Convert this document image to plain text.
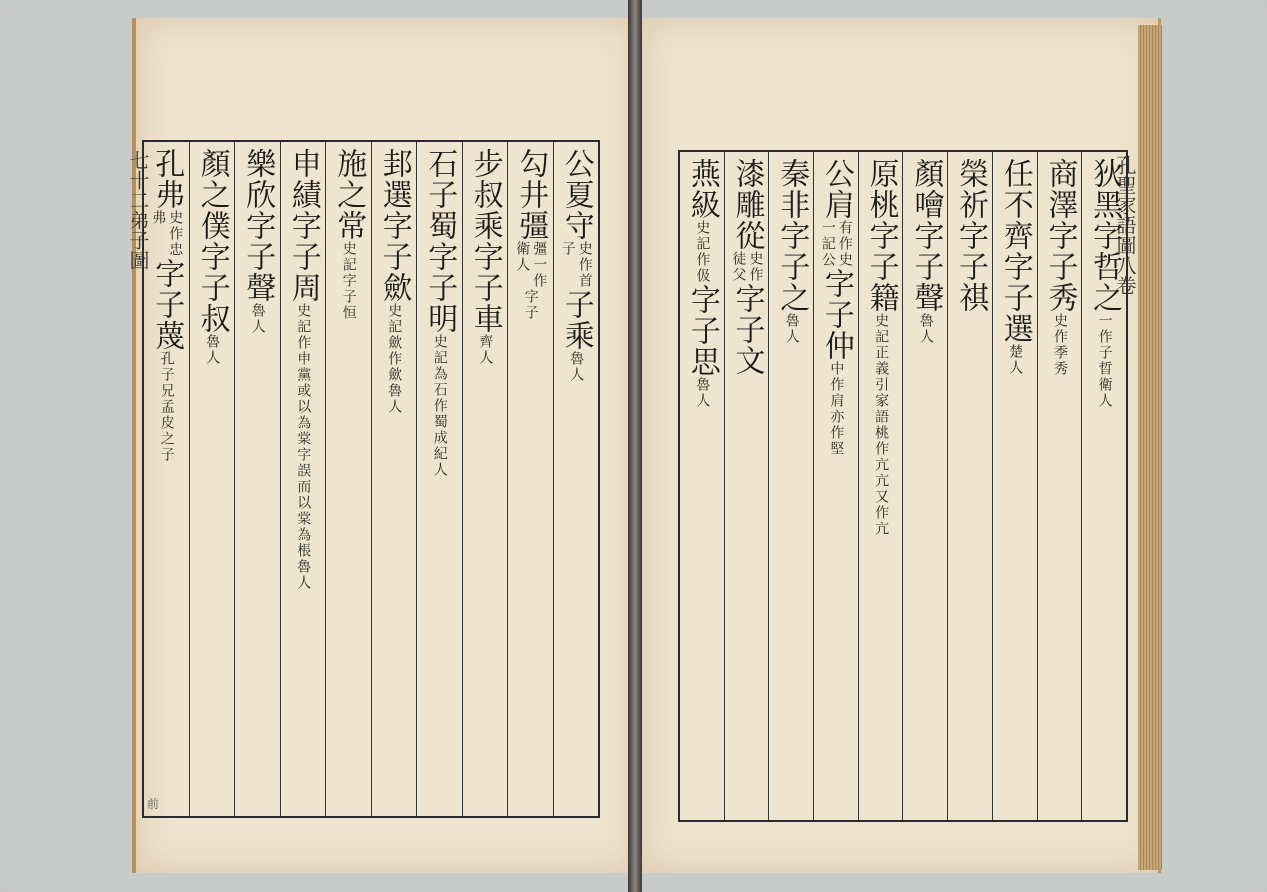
七十二弟子圖	孔聖家語圖八卷
前
公夏守
史作首
子
子乘
魯人
勾井彊
彊一作
衛人
字子
步叔乘
字子車
齊人
石子蜀
字子明
史記為石作蜀成紀人
邽選
字子歛
史記歛作歛魯人
施之常
史記字子恒
申績
字子周
史記作申黨或以為棠字誤而以棠為棖魯人
樂欣
字子聲
魯人
顏之僕
字子叔
魯人
孔弗
史作忠
弗
字子蔑
孔子兄孟皮之子
狄黑
字哲之
一作子晢衛人
商澤
字子秀
史作季秀
任不齊
字子選
楚人
榮祈
字子祺
顏噲
字子聲
魯人
原桃
字子籍
史記正義引家語桃作亢亢又作亢
公肩
有作史
一記公
字子仲
中作肩亦作堅
秦非
字子之
魯人
漆雕從
史作
徒父
字子文
燕級
史記作伋
字子思
魯人
